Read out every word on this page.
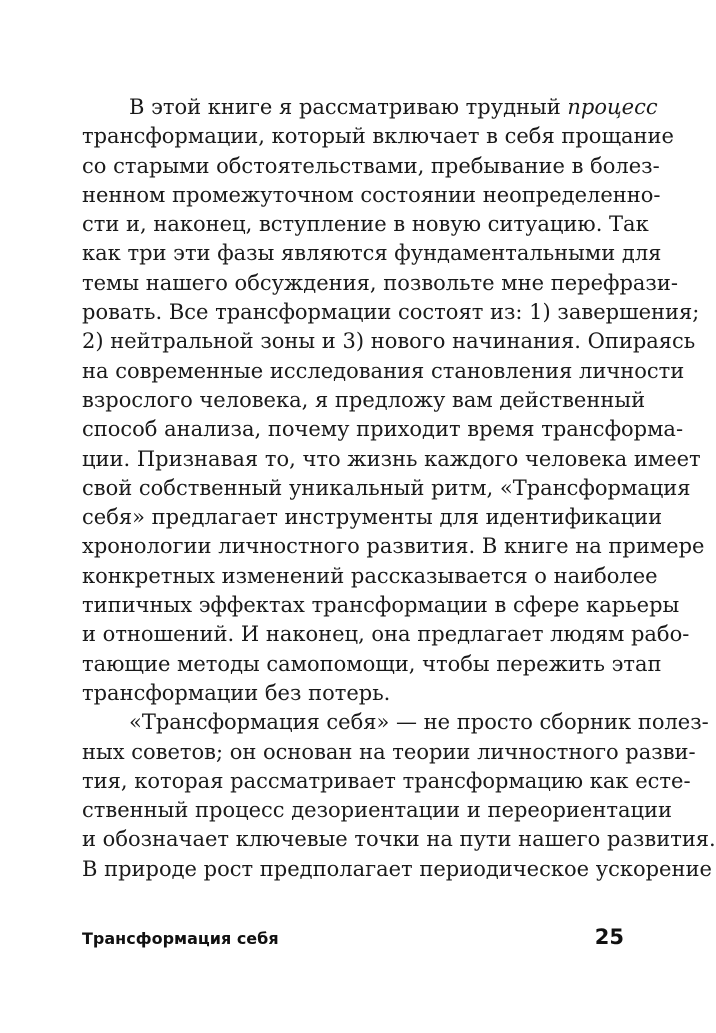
В этой книге я рассматриваю трудный процесс
трансформации, который включает в себя прощание
со старыми обстоятельствами, пребывание в болез-
ненном промежуточном состоянии неопределенно-
сти и, наконец, вступление в новую ситуацию. Так
как три эти фазы являются фундаментальными для
темы нашего обсуждения, позвольте мне перефрази-
ровать. Все трансформации состоят из: 1) завершения;
2) нейтральной зоны и 3) нового начинания. Опираясь
на современные исследования становления личности
взрослого человека, я предложу вам действенный
способ анализа, почему приходит время трансформа-
ции. Признавая то, что жизнь каждого человека имеет
свой собственный уникальный ритм, «Трансформация
себя» предлагает инструменты для идентификации
хронологии личностного развития. В книге на примере
конкретных изменений рассказывается о наиболее
типичных эффектах трансформации в сфере карьеры
и отношений. И наконец, она предлагает людям рабо-
тающие методы самопомощи, чтобы пережить этап
трансформации без потерь.
«Трансформация себя» — не просто сборник полез-
ных советов; он основан на теории личностного разви-
тия, которая рассматривает трансформацию как есте-
ственный процесс дезориентации и переориентации
и обозначает ключевые точки на пути нашего развития.
В природе рост предполагает периодическое ускорение
Трансформация себя	25
